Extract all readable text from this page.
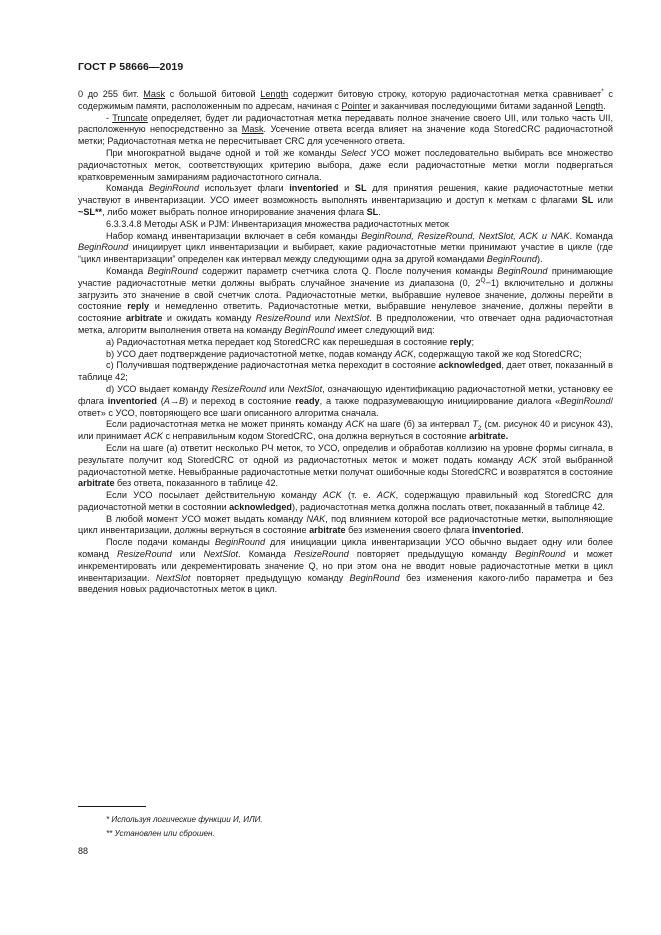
ГОСТ Р 58666—2019

0 до 255 бит. Mask с большой битовой Length содержит битовую строку, которую радиочастотная метка сравнивает* с содержимым памяти, расположенным по адресам, начиная с Pointer и заканчивая последующими битами заданной Length.

- Truncate определяет, будет ли радиочастотная метка передавать полное значение своего UII, или только часть UII, расположенную непосредственно за Mask. Усечение ответа всегда влияет на значение кода StoredCRC радиочастотной метки; Радиочастотная метка не пересчитывает CRC для усеченного ответа.

При многократной выдаче одной и той же команды Select УСО может последовательно выбирать все множество радиочастотных меток, соответствующих критерию выбора, даже если радиочастотные метки могли подвергаться кратковременным замираниям радиочастотного сигнала.

Команда BeginRound использует флаги inventoried и SL для принятия решения, какие радиочастотные метки участвуют в инвентаризации. УСО имеет возможность выполнять инвентаризацию и доступ к меткам с флагами SL или ~SL**, либо может выбрать полное игнорирование значения флага SL.

6.3.3.4.8 Методы ASK и PJM: Инвентаризация множества радиочастотных меток

Набор команд инвентаризации включает в себя команды BeginRound, ResizeRound, NextSlot, ACK и NAK. Команда BeginRound инициирует цикл инвентаризации и выбирает, какие радиочастотные метки принимают участие в цикле (где “цикл инвентаризации” определен как интервал между следующими одна за другой командами BeginRound).

Команда BeginRound содержит параметр счетчика слота Q. После получения команды BeginRound принимающие участие радиочастотные метки должны выбрать случайное значение из диапазона (0, $2^Q-1$) включительно и должны загрузить это значение в свой счетчик слота. Радиочастотные метки, выбравшие нулевое значение, должны перейти в состояние reply и немедленно ответить. Радиочастотные метки, выбравшие ненулевое значение, должны перейти в состояние arbitrate и ожидать команду ResizeRound или NextSlot. В предположении, что отвечает одна радиочастотная метка, алгоритм выполнения ответа на команду BeginRound имеет следующий вид:

a) Радиочастотная метка передает код StoredCRC как перешедшая в состояние reply;

b) УСО дает подтверждение радиочастотной метке, подав команду ACK, содержащую такой же код StoredCRC;

c) Получившая подтверждение радиочастотная метка переходит в состояние acknowledged, дает ответ, показанный в таблице 42;

d) УСО выдает команду ResizeRound или NextSlot, означающую идентификацию радиочастотной метки, установку ее флага inventoried (A→B) и переход в состояние ready, а также подразумевающую инициирование диалога «BeginRound/ответ» с УСО, повторяющего все шаги описанного алгоритма сначала.

Если радиочастотная метка не может принять команду ACK на шаге (б) за интервал $T_2$ (см. рисунок 40 и рисунок 43), или принимает ACK с неправильным кодом StoredCRC, она должна вернуться в состояние arbitrate.

Если на шаге (а) ответит несколько РЧ меток, то УСО, определив и обработав коллизию на уровне формы сигнала, в результате получит код StoredCRC от одной из радиочастотных меток и может подать команду ACK этой выбранной радиочастотной метке. Невыбранные радиочастотные метки получат ошибочные коды StoredCRC и возвратятся в состояние arbitrate без ответа, показанного в таблице 42.

Если УСО посылает действительную команду ACK (т. е. ACK, содержащую правильный код StoredCRC для радиочастотной метки в состоянии acknowledged), радиочастотная метка должна послать ответ, показанный в таблице 42.

В любой момент УСО может выдать команду NAK, под влиянием которой все радиочастотные метки, выполняющие цикл инвентаризации, должны вернуться в состояние arbitrate без изменения своего флага inventoried.

После подачи команды BeginRound для инициации цикла инвентаризации УСО обычно выдает одну или более команд ResizeRound или NextSlot. Команда ResizeRound повторяет предыдущую команду BeginRound и может инкрементировать или декрементировать значение Q, но при этом она не вводит новые радиочастотные метки в цикл инвентаризации. NextSlot повторяет предыдущую команду BeginRound без изменения какого-либо параметра и без введения новых радиочастотных меток в цикл.

* Используя логические функции И, ИЛИ.
** Установлен или сброшен.
88
